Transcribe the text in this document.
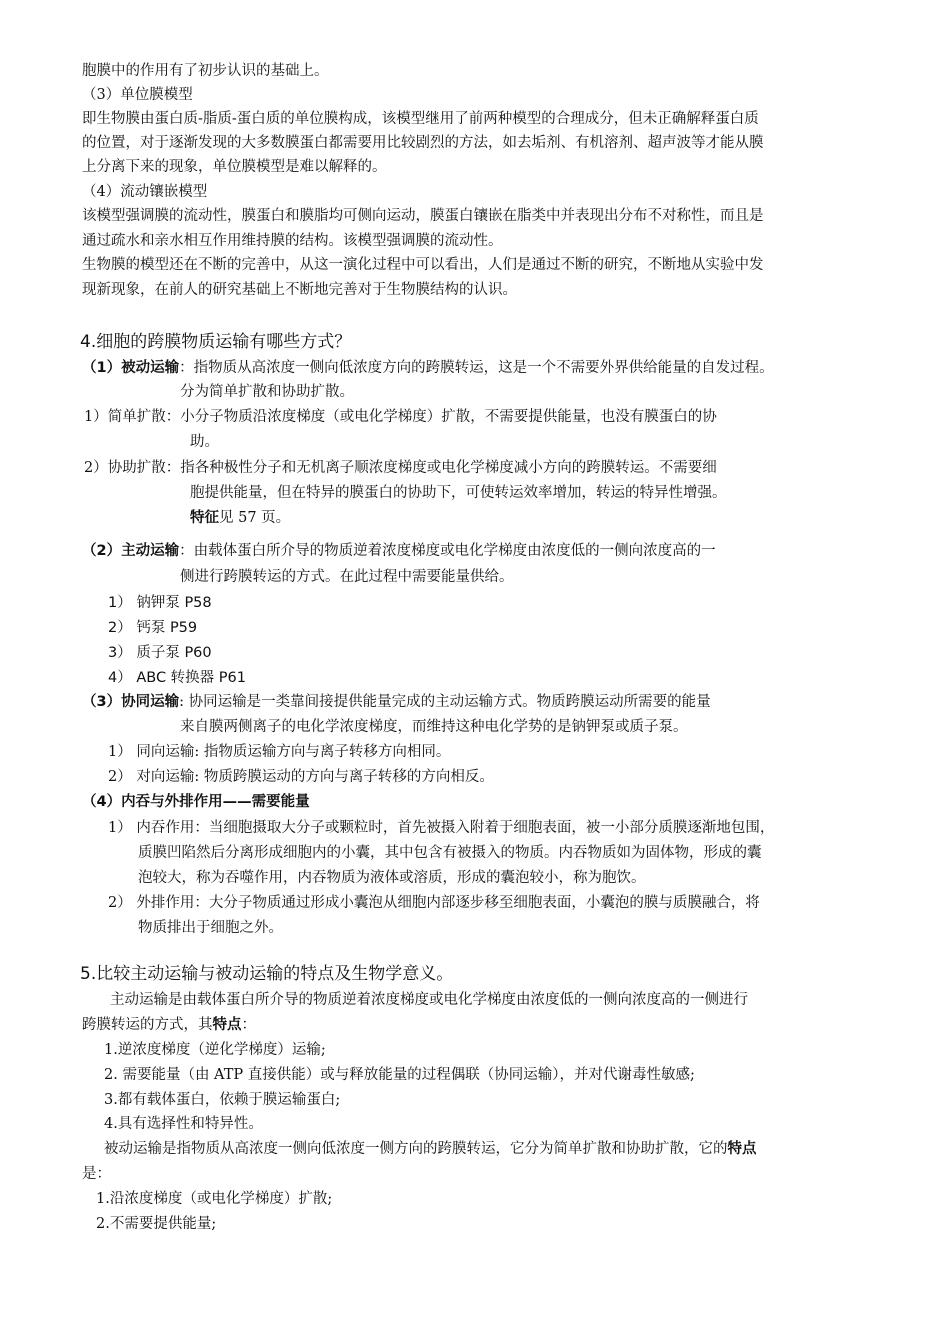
胞膜中的作用有了初步认识的基础上。
（3）单位膜模型
即生物膜由蛋白质-脂质-蛋白质的单位膜构成，该模型继用了前两种模型的合理成分，但未正确解释蛋白质
的位置，对于逐渐发现的大多数膜蛋白都需要用比较剧烈的方法，如去垢剂、有机溶剂、超声波等才能从膜
上分离下来的现象，单位膜模型是难以解释的。
（4）流动镶嵌模型
该模型强调膜的流动性，膜蛋白和膜脂均可侧向运动，膜蛋白镶嵌在脂类中并表现出分布不对称性，而且是
通过疏水和亲水相互作用维持膜的结构。该模型强调膜的流动性。
生物膜的模型还在不断的完善中，从这一演化过程中可以看出，人们是通过不断的研究，不断地从实验中发
现新现象，在前人的研究基础上不断地完善对于生物膜结构的认识。
4.细胞的跨膜物质运输有哪些方式？
（1）被动运输：指物质从高浓度一侧向低浓度方向的跨膜转运，这是一个不需要外界供给能量的自发过程。
分为简单扩散和协助扩散。
1）简单扩散：小分子物质沿浓度梯度（或电化学梯度）扩散，不需要提供能量，也没有膜蛋白的协
助。
2）协助扩散：指各种极性分子和无机离子顺浓度梯度或电化学梯度减小方向的跨膜转运。不需要细
胞提供能量，但在特异的膜蛋白的协助下，可使转运效率增加，转运的特异性增强。
特征见 57 页。
（2）主动运输：由载体蛋白所介导的物质逆着浓度梯度或电化学梯度由浓度低的一侧向浓度高的一
侧进行跨膜转运的方式。在此过程中需要能量供给。
1） 钠钾泵 P58
2） 钙泵 P59
3） 质子泵 P60
4） ABC 转换器 P61
（3）协同运输: 协同运输是一类靠间接提供能量完成的主动运输方式。物质跨膜运动所需要的能量
来自膜两侧离子的电化学浓度梯度，而维持这种电化学势的是钠钾泵或质子泵。
1） 同向运输: 指物质运输方向与离子转移方向相同。
2） 对向运输: 物质跨膜运动的方向与离子转移的方向相反。
（4）内吞与外排作用——需要能量
1） 内吞作用：当细胞摄取大分子或颗粒时，首先被摄入附着于细胞表面，被一小部分质膜逐渐地包围，
质膜凹陷然后分离形成细胞内的小囊，其中包含有被摄入的物质。内吞物质如为固体物，形成的囊
泡较大，称为吞噬作用，内吞物质为液体或溶质，形成的囊泡较小，称为胞饮。
2） 外排作用：大分子物质通过形成小囊泡从细胞内部逐步移至细胞表面，小囊泡的膜与质膜融合，将
物质排出于细胞之外。
5.比较主动运输与被动运输的特点及生物学意义。
主动运输是由载体蛋白所介导的物质逆着浓度梯度或电化学梯度由浓度低的一侧向浓度高的一侧进行
跨膜转运的方式，其特点：
1.逆浓度梯度（逆化学梯度）运输;
2. 需要能量（由 ATP 直接供能）或与释放能量的过程偶联（协同运输），并对代谢毒性敏感;
3.都有载体蛋白，依赖于膜运输蛋白;
4.具有选择性和特异性。
被动运输是指物质从高浓度一侧向低浓度一侧方向的跨膜转运，它分为简单扩散和协助扩散，它的特点
是：
1.沿浓度梯度（或电化学梯度）扩散;
2.不需要提供能量;
